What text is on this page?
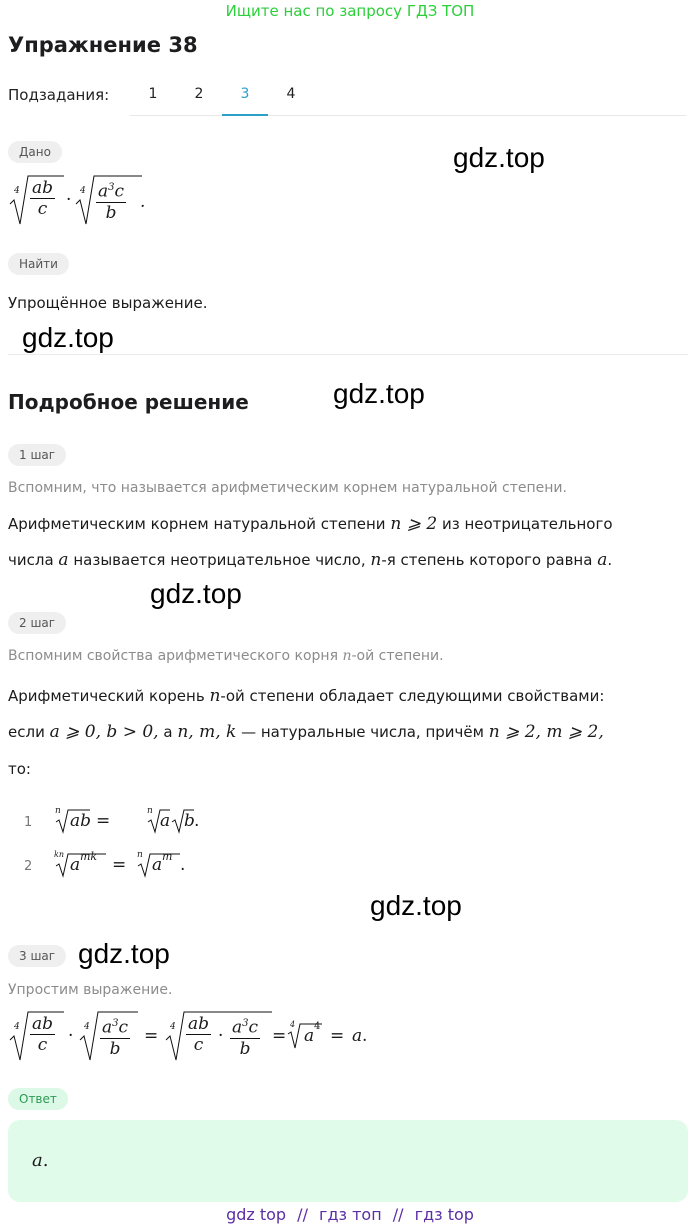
Ищите нас по запросу ГДЗ ТОП
Упражнение 38
Подзадания:	1	2	3	4
Дано
$4 \frac{ab}{c} \cdot 4 \frac{a^3c}{b}$ .
Найти
Упрощённое выражение.
Подробное решение
1 шаг
Вспомним, что называется арифметическим корнем натуральной степени.
Арифметическим корнем натуральной степени n ⩾ 2 из неотрицательного
числа a называется неотрицательное число, n-я степень которого равна a.
2 шаг
Вспомним свойства арифметического корня n-ой степени.
Арифметический корень n-ой степени обладает следующими свойствами:
если a ⩾ 0, b > 0, а n, m, k — натуральные числа, причём n ⩾ 2, m ⩾ 2,
то:
1
n ab =	n a b .
2
kn
a mk = n a m .
3 шаг
Упростим выражение.
$4 \frac{ab}{c} \cdot 4 \frac{a^3c}{b} = 4 \frac{ab}{c} \cdot \frac{a^3c}{b}$ =
4
a 4 = a .
Ответ
a.
gdz.top
gdz.top
gdz.top
gdz.top
gdz.top
gdz.top
gdz top // гдз топ // гдз top
